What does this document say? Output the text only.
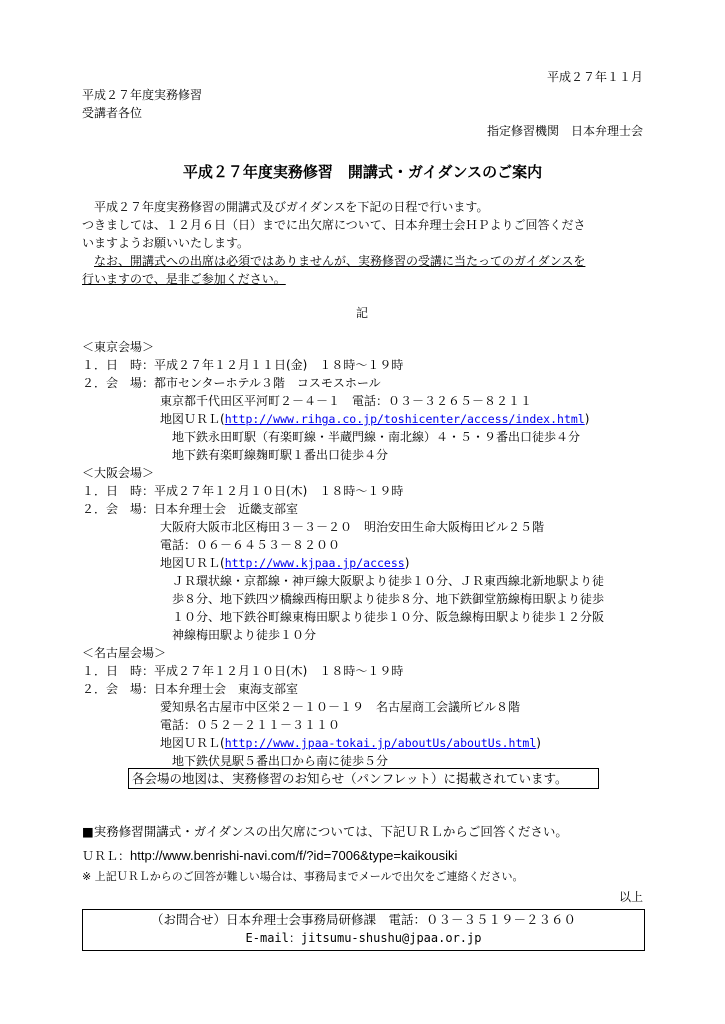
平成２７年１１月
平成２７年度実務修習
受講者各位
指定修習機関　日本弁理士会
平成２７年度実務修習　開講式・ガイダンスのご案内
平成２７年度実務修習の開講式及びガイダンスを下記の日程で行います。
つきましては、１２月６日（日）までに出欠席について、日本弁理士会ＨＰよりご回答くださ
いますようお願いいたします。
なお、開講式への出席は必須ではありませんが、実務修習の受講に当たってのガイダンスを
行いますので、是非ご参加ください。
記
＜東京会場＞
１．日　時：平成２７年１２月１１日(金)　１８時～１９時
２．会　場：都市センターホテル３階　コスモスホール
東京都千代田区平河町２－４－１　電話：０３－３２６５－８２１１
地図ＵＲＬ(http://www.rihga.co.jp/toshicenter/access/index.html)
地下鉄永田町駅（有楽町線・半蔵門線・南北線）４・５・９番出口徒歩４分
地下鉄有楽町線麹町駅１番出口徒歩４分
＜大阪会場＞
１．日　時：平成２７年１２月１０日(木)　１８時～１９時
２．会　場：日本弁理士会　近畿支部室
大阪府大阪市北区梅田３－３－２０　明治安田生命大阪梅田ビル２５階
電話：０６－６４５３－８２００
地図ＵＲＬ(http://www.kjpaa.jp/access)
ＪＲ環状線・京都線・神戸線大阪駅より徒歩１０分、ＪＲ東西線北新地駅より徒
歩８分、地下鉄四ツ橋線西梅田駅より徒歩８分、地下鉄御堂筋線梅田駅より徒歩
１０分、地下鉄谷町線東梅田駅より徒歩１０分、阪急線梅田駅より徒歩１２分阪
神線梅田駅より徒歩１０分
＜名古屋会場＞
１．日　時：平成２７年１２月１０日(木)　１８時～１９時
２．会　場：日本弁理士会　東海支部室
愛知県名古屋市中区栄２－１０－１９　名古屋商工会議所ビル８階
電話：０５２－２１１－３１１０
地図ＵＲＬ(http://www.jpaa-tokai.jp/aboutUs/aboutUs.html)
地下鉄伏見駅５番出口から南に徒歩５分
各会場の地図は、実務修習のお知らせ（パンフレット）に掲載されています。
■実務修習開講式・ガイダンスの出欠席については、下記ＵＲＬからご回答ください。
ＵＲＬ：http://www.benrishi-navi.com/f/?id=7006&type=kaikousiki
※ 上記ＵＲＬからのご回答が難しい場合は、事務局までメールで出欠をご連絡ください。
以上
（お問合せ）日本弁理士会事務局研修課　電話：０３－３５１９－２３６０
E-mail：jitsumu-shushu@jpaa.or.jp
